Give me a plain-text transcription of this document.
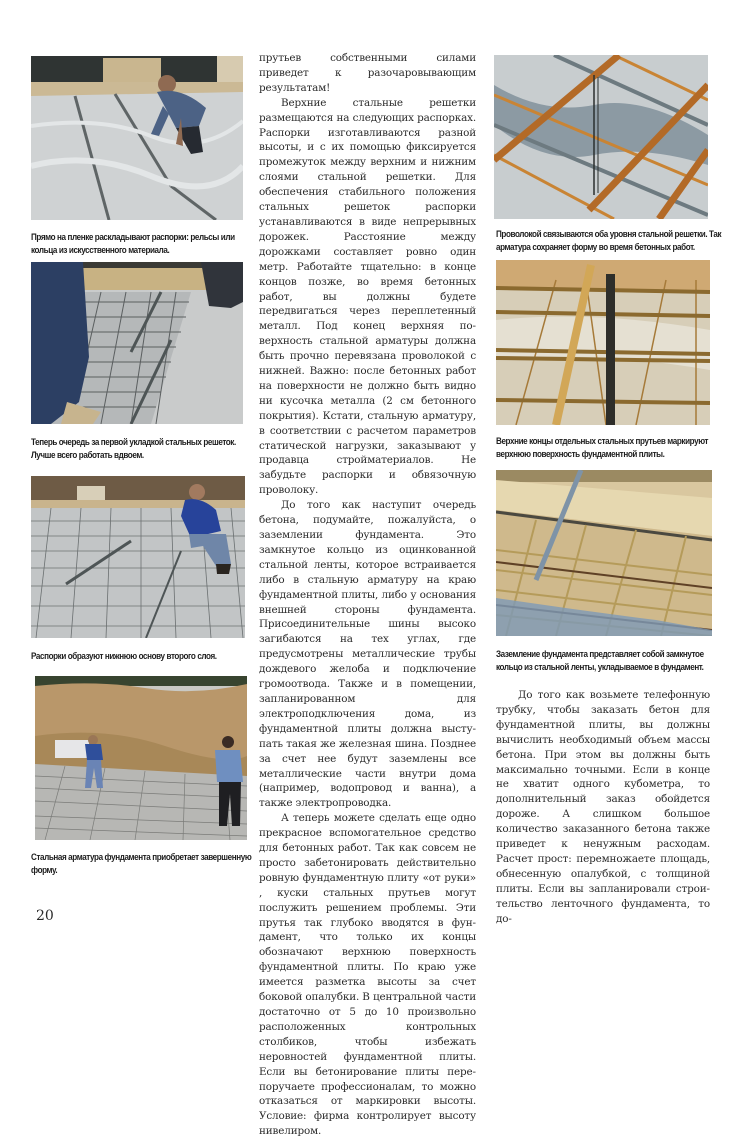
Прямо на пленке раскладывают распорки: рельсы или кольца из искусственного материала.
Теперь очередь за первой укладкой стальных решеток. Лучше всего работать вдвоем.
Распорки образуют нижнюю основу второго слоя.
Стальная арматура фундамента приобретает завершенную форму.

прутьев собственными силами приведет к разочаровывающим результатам!

Верхние стальные решетки размещаются на следующих распорках. Распорки изготавливаются разной высоты, и с их помощью фиксируется промежуток между верхним и нижним слоями стальной решетки. Для обеспечения стабильного положения стальных решеток распорки устанавливаются в виде непрерывных дорожек. Расстояние между дорожками составляет ровно один метр. Работайте тщательно: в конце концов позже, во время бетонных работ, вы должны будете передвигаться через переплетенный металл. Под конец верхняя поверхность стальной арматуры должна быть прочно перевязана проволокой с нижней. Важно: после бетонных работ на поверхности не должно быть видно ни кусочка металла (2 см бетонного покрытия). Кстати, стальную арматуру, в соответствии с расчетом параметров статической нагрузки, заказывают у продавца стройматериалов. Не забудьте распорки и обвязочную проволоку.

До того как наступит очередь бетона, подумайте, пожалуйста, о заземлении фундамента. Это замкнутое кольцо из оцинкованной стальной ленты, которое встраивается либо в стальную арматуру на краю фундаментной плиты, либо у основания внешней стороны фундамента. Присоединительные шины высоко загибаются на тех углах, где предусмотрены металлические трубы дождевого желоба и подключение громоотвода. Также и в помещении, запланированном для электроподключения дома, из фундаментной плиты должна выступать такая же железная шина. Позднее за счет нее будут заземлены все металлические части внутри дома (например, водопровод и ванна), а также электропроводка.

А теперь можете сделать еще одно прекрасное вспомогательное средство для бетонных работ. Так как совсем не просто забетонировать действительно ровную фундаментную плиту «от руки» , куски стальных прутьев могут послужить решением проблемы. Эти прутья так глубоко вводятся в фундамент, что только их концы обозначают верхнюю поверхность фундаментной плиты. По краю уже имеется разметка высоты за счет боковой опалубки. В центральной части достаточно от 5 до 10 произвольно расположенных контрольных столбиков, чтобы избежать неровностей фундаментной плиты. Если вы бетонирование плиты перепоручаете профессионалам, то можно отказаться от маркировки высоты. Условие: фирма контролирует высоту нивелиром.

Проволокой связываются оба уровня стальной решетки. Так арматура сохраняет форму во время бетонных работ.
Верхние концы отдельных стальных прутьев маркируют верхнюю поверхность фундаментной плиты.
Заземление фундамента представляет собой замкнутое кольцо из стальной ленты, укладываемое в фундамент.

До того как возьмете телефонную трубку, чтобы заказать бетон для фундаментной плиты, вы должны вычислить необходимый объем массы бетона. При этом вы должны быть максимально точными. Если в конце не хватит одного кубометра, то дополнительный заказ обойдется дороже. А слишком большое количество заказанного бетона также приведет к ненужным расходам. Расчет прост: перемножаете площадь, обнесенную опалубкой, с толщиной плиты. Если вы запланировали строительство ленточного фундамента, то до-

20
